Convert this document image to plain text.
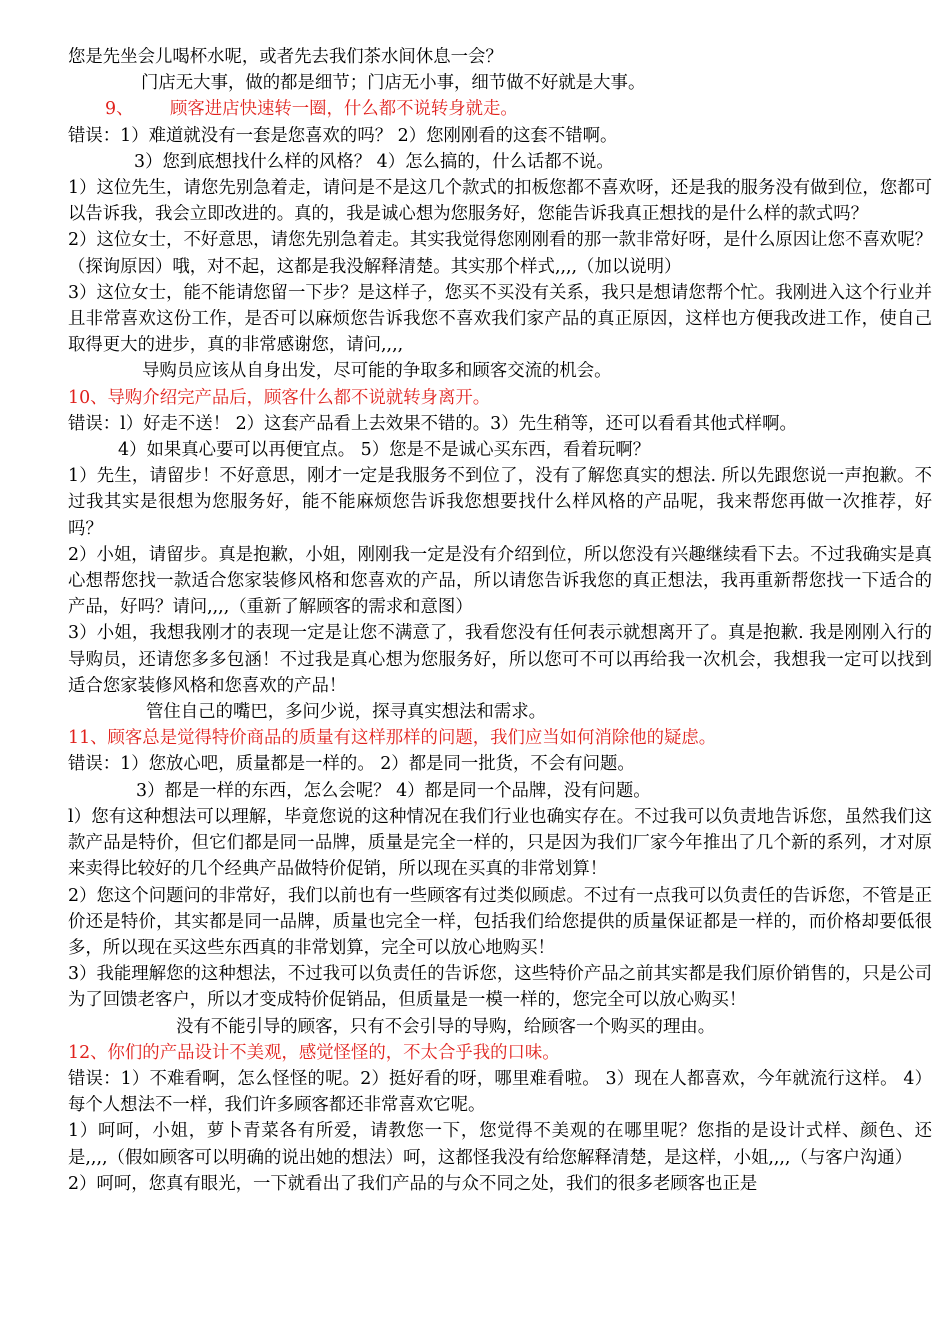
您是先坐会儿喝杯水呢，或者先去我们茶水间休息一会？

门店无大事，做的都是细节；门店无小事，细节做不好就是大事。

9、 顾客进店快速转一圈，什么都不说转身就走。

错误：1）难道就没有一套是您喜欢的吗？ 2）您刚刚看的这套不错啊。

3）您到底想找什么样的风格？ 4）怎么搞的，什么话都不说。

1）这位先生，请您先别急着走，请问是不是这几个款式的扣板您都不喜欢呀，还是我的服务没有做到位，您都可以告诉我，我会立即改进的。真的，我是诚心想为您服务好，您能告诉我真正想找的是什么样的款式吗？

2）这位女士，不好意思，请您先别急着走。其实我觉得您刚刚看的那一款非常好呀，是什么原因让您不喜欢呢？（探询原因）哦，对不起，这都是我没解释清楚。其实那个样式,,,,（加以说明）

3）这位女士，能不能请您留一下步？是这样子，您买不买没有关系，我只是想请您帮个忙。我刚进入这个行业并且非常喜欢这份工作，是否可以麻烦您告诉我您不喜欢我们家产品的真正原因，这样也方便我改进工作，使自己取得更大的进步，真的非常感谢您，请问,,,,

导购员应该从自身出发，尽可能的争取多和顾客交流的机会。

10、导购介绍完产品后，顾客什么都不说就转身离开。

错误：l）好走不送！ 2）这套产品看上去效果不错的。3）先生稍等，还可以看看其他式样啊。

4）如果真心要可以再便宜点。 5）您是不是诚心买东西，看着玩啊？

1）先生，请留步！不好意思，刚才一定是我服务不到位了，没有了解您真实的想法. 所以先跟您说一声抱歉。不过我其实是很想为您服务好，能不能麻烦您告诉我您想要找什么样风格的产品呢，我来帮您再做一次推荐，好吗？

2）小姐，请留步。真是抱歉，小姐，刚刚我一定是没有介绍到位，所以您没有兴趣继续看下去。不过我确实是真心想帮您找一款适合您家装修风格和您喜欢的产品，所以请您告诉我您的真正想法，我再重新帮您找一下适合的产品，好吗？请问,,,,（重新了解顾客的需求和意图）

3）小姐，我想我刚才的表现一定是让您不满意了，我看您没有任何表示就想离开了。真是抱歉. 我是刚刚入行的导购员，还请您多多包涵！不过我是真心想为您服务好，所以您可不可以再给我一次机会，我想我一定可以找到适合您家装修风格和您喜欢的产品！

管住自己的嘴巴，多问少说，探寻真实想法和需求。

11、顾客总是觉得特价商品的质量有这样那样的问题，我们应当如何消除他的疑虑。

错误：1）您放心吧，质量都是一样的。 2）都是同一批货，不会有问题。

3）都是一样的东西，怎么会呢？ 4）都是同一个品牌，没有问题。

l）您有这种想法可以理解，毕竟您说的这种情况在我们行业也确实存在。不过我可以负责地告诉您，虽然我们这款产品是特价，但它们都是同一品牌，质量是完全一样的，只是因为我们厂家今年推出了几个新的系列，才对原来卖得比较好的几个经典产品做特价促销，所以现在买真的非常划算！

2）您这个问题问的非常好，我们以前也有一些顾客有过类似顾虑。不过有一点我可以负责任的告诉您，不管是正价还是特价，其实都是同一品牌，质量也完全一样，包括我们给您提供的质量保证都是一样的，而价格却要低很多，所以现在买这些东西真的非常划算，完全可以放心地购买！

3）我能理解您的这种想法，不过我可以负责任的告诉您，这些特价产品之前其实都是我们原价销售的，只是公司为了回馈老客户，所以才变成特价促销品，但质量是一模一样的，您完全可以放心购买！

没有不能引导的顾客，只有不会引导的导购，给顾客一个购买的理由。

12、你们的产品设计不美观，感觉怪怪的，不太合乎我的口味。

错误：1）不难看啊，怎么怪怪的呢。2）挺好看的呀，哪里难看啦。 3）现在人都喜欢，今年就流行这样。 4）每个人想法不一样，我们许多顾客都还非常喜欢它呢。

1）呵呵，小姐，萝卜青菜各有所爱，请教您一下，您觉得不美观的在哪里呢？您指的是设计式样、颜色、还是,,,,（假如顾客可以明确的说出她的想法）呵，这都怪我没有给您解释清楚，是这样，小姐,,,,（与客户沟通）

2）呵呵，您真有眼光，一下就看出了我们产品的与众不同之处，我们的很多老顾客也正是
